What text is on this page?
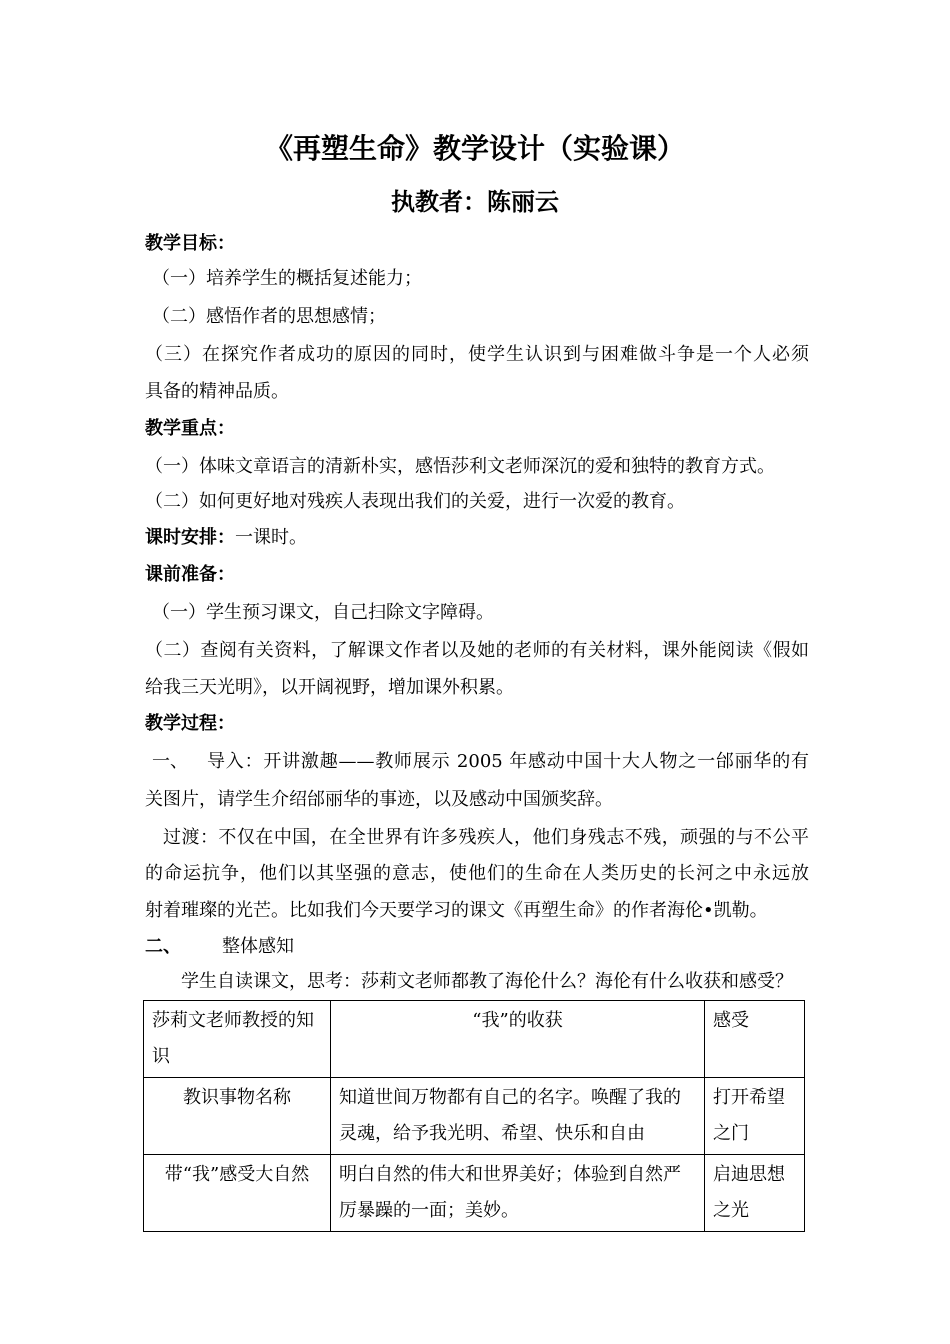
《再塑生命》教学设计（实验课）
执教者：陈丽云
教学目标：
（一）培养学生的概括复述能力；
（二）感悟作者的思想感情；
（三）在探究作者成功的原因的同时，使学生认识到与困难做斗争是一个人必须
具备的精神品质。
教学重点：
（一）体味文章语言的清新朴实，感悟莎利文老师深沉的爱和独特的教育方式。
（二）如何更好地对残疾人表现出我们的关爱，进行一次爱的教育。
课时安排：一课时。
课前准备：
（一）学生预习课文，自己扫除文字障碍。
（二）查阅有关资料，了解课文作者以及她的老师的有关材料，课外能阅读《假如
给我三天光明》，以开阔视野，增加课外积累。
教学过程：
一、 导入：开讲激趣——教师展示 2005 年感动中国十大人物之一邰丽华的有
关图片，请学生介绍邰丽华的事迹，以及感动中国颁奖辞。
过渡：不仅在中国，在全世界有许多残疾人，他们身残志不残，顽强的与不公平
的命运抗争，他们以其坚强的意志，使他们的生命在人类历史的长河之中永远放
射着璀璨的光芒。比如我们今天要学习的课文《再塑生命》的作者海伦•凯勒。
二、 整体感知
学生自读课文，思考：莎莉文老师都教了海伦什么？海伦有什么收获和感受？
莎莉文老师教授的知识	“我”的收获	感受
教识事物名称	知道世间万物都有自己的名字。唤醒了我的灵魂，给予我光明、希望、快乐和自由	打开希望之门
带“我”感受大自然	明白自然的伟大和世界美好；体验到自然严厉暴躁的一面；美妙。	启迪思想之光
